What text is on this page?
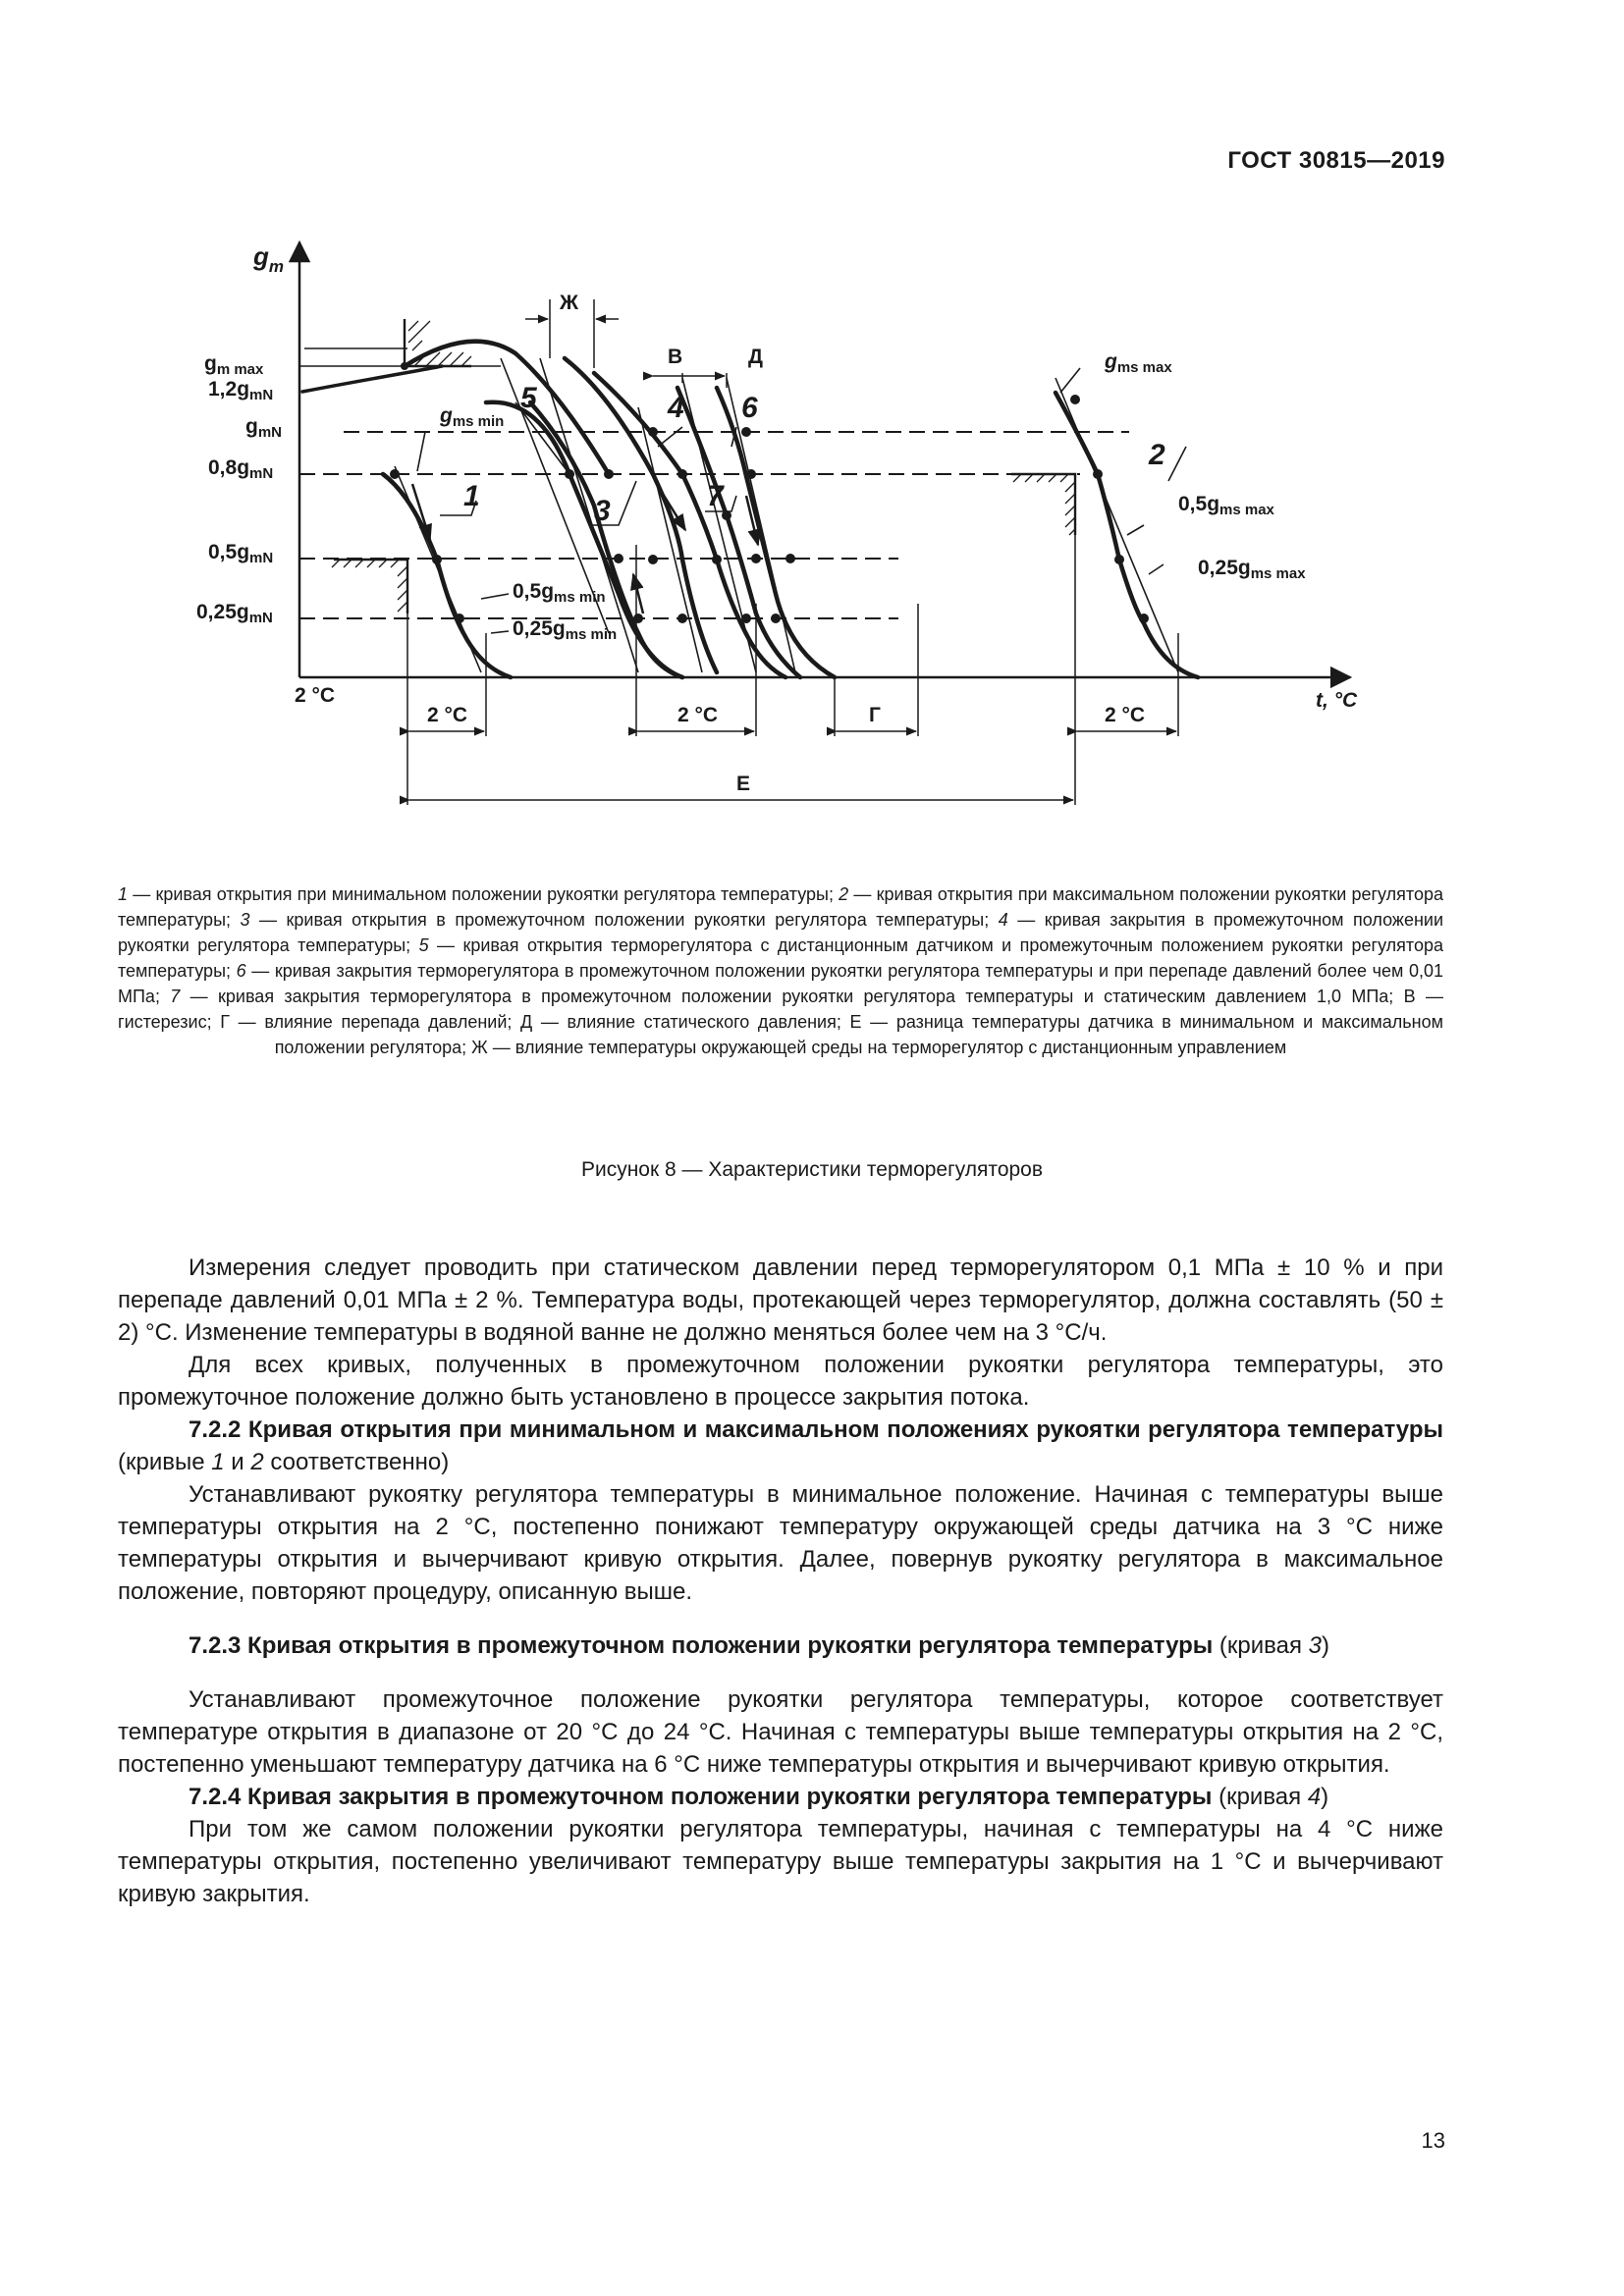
ГОСТ 30815—2019
$g_m$
t, °C
2 °C
gm max
1,2gmN
gmN
0,8gmN
0,5gmN
0,25gmN
2 °C	2 °C	Г	2 °C
Е
Ж
В	Д
gms min
gms max
0,5gms min
0,25gms min
0,5gms max
0,25gms max
1
2
3
4
5	6
7
1 — кривая открытия при минимальном положении рукоятки регулятора температуры; 2 — кривая открытия при максимальном положении рукоятки регулятора температуры; 3 — кривая открытия в промежуточном положении рукоятки регулятора температуры; 4 — кривая закрытия в промежуточном положении рукоятки регулятора температуры; 5 — кривая открытия терморегулятора с дистанционным датчиком и промежуточным положением рукоятки регулятора температуры; 6 — кривая закрытия терморегулятора в промежуточном положении рукоятки регулятора температуры и при перепаде давлений более чем 0,01 МПа; 7 — кривая закрытия терморегулятора в промежуточном положении рукоятки регулятора температуры и статическим давлением 1,0 МПа; В — гистерезис; Г — влияние перепада давлений; Д — влияние статического давления; Е — разница температуры датчика в минимальном и максимальном положении регулятора; Ж — влияние температуры окружающей среды на терморегулятор с дистанционным управлением
Рисунок 8 — Характеристики терморегуляторов

Измерения следует проводить при статическом давлении перед терморегулятором 0,1 МПа ± 10 % и при перепаде давлений 0,01 МПа ± 2 %. Температура воды, протекающей через терморегулятор, должна составлять (50 ± 2) °С. Изменение температуры в водяной ванне не должно меняться более чем на 3 °С/ч.

Для всех кривых, полученных в промежуточном положении рукоятки регулятора температуры, это промежуточное положение должно быть установлено в процессе закрытия потока.

7.2.2 Кривая открытия при минимальном и максимальном положениях рукоятки регулятора температуры (кривые 1 и 2 соответственно)

Устанавливают рукоятку регулятора температуры в минимальное положение. Начиная с температуры выше температуры открытия на 2 °С, постепенно понижают температуру окружающей среды датчика на 3 °С ниже температуры открытия и вычерчивают кривую открытия. Далее, повернув рукоятку регулятора в максимальное положение, повторяют процедуру, описанную выше.

7.2.3 Кривая открытия в промежуточном положении рукоятки регулятора температуры (кривая 3)

Устанавливают промежуточное положение рукоятки регулятора температуры, которое соответствует температуре открытия в диапазоне от 20 °С до 24 °С. Начиная с температуры выше температуры открытия на 2 °С, постепенно уменьшают температуру датчика на 6 °С ниже температуры открытия и вычерчивают кривую открытия.

7.2.4 Кривая закрытия в промежуточном положении рукоятки регулятора температуры (кривая 4)

При том же самом положении рукоятки регулятора температуры, начиная с температуры на 4 °С ниже температуры открытия, постепенно увеличивают температуру выше температуры закрытия на 1 °С и вычерчивают кривую закрытия.

13
